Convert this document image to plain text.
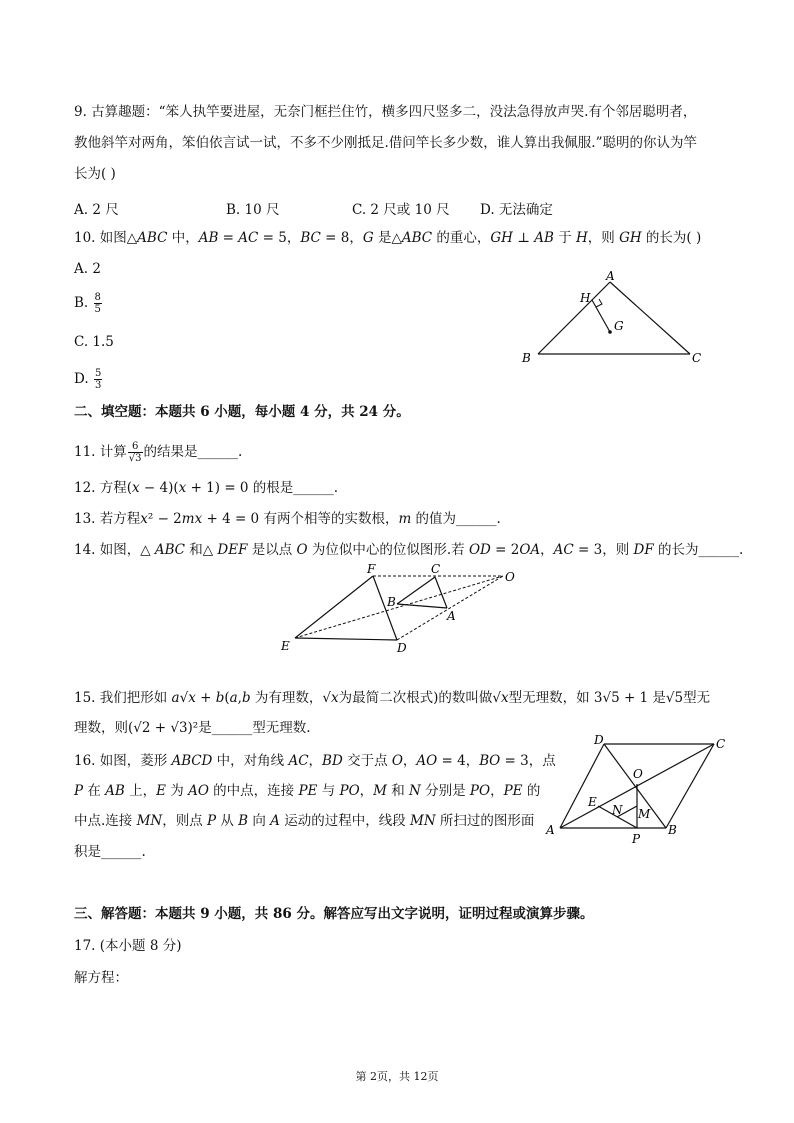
9. 古算趣题：“笨人执竿要进屋，无奈门框拦住竹，横多四尺竖多二，没法急得放声哭.有个邻居聪明者，
教他斜竿对两角，笨伯依言试一试，不多不少刚抵足.借问竿长多少数，谁人算出我佩服.”聪明的你认为竿
长为( )
A. 2 尺	B. 10 尺	C. 2 尺或 10 尺 D. 无法确定
10. 如图△ABC 中，AB = AC = 5，BC = 8，G 是△ABC 的重心，GH ⊥ AB 于 H，则 GH 的长为( )
A. 2
B. $\frac{8}{5}$
C. 1.5
D. $\frac{5}{3}$
A
H
G
B	C
二、填空题：本题共 6 小题，每小题 4 分，共 24 分。
11. 计算 $\frac{6}{√3}$ 的结果是______.
12. 方程(𝑥 − 4)(𝑥 + 1) = 0 的根是______.
13. 若方程𝑥² − 2𝑚𝑥 + 4 = 0 有两个相等的实数根，𝑚 的值为______.
14. 如图，△ 𝐴𝐵𝐶 和△ 𝐷𝐸𝐹 是以点 𝑂 为位似中心的位似图形.若 𝑂𝐷 = 2𝑂𝐴，𝐴𝐶 = 3，则 𝐷𝐹 的长为______.
F	C
O
B
A
E	D
15. 我们把形如 𝑎√𝑥 + 𝑏(𝑎,𝑏 为有理数，√𝑥为最简二次根式)的数叫做√𝑥型无理数，如 3√5 + 1 是√5型无
理数，则(√2 + √3)²是______型无理数.
16. 如图，菱形 𝐴𝐵𝐶𝐷 中，对角线 𝐴𝐶，𝐵𝐷 交于点 𝑂，𝐴𝑂 = 4，𝐵𝑂 = 3，点
𝑃 在 𝐴𝐵 上，𝐸 为 𝐴𝑂 的中点，连接 𝑃𝐸 与 𝑃𝑂，𝑀 和 𝑁 分别是 𝑃𝑂，𝑃𝐸 的
中点.连接 𝑀𝑁，则点 𝑃 从 𝐵 向 𝐴 运动的过程中，线段 𝑀𝑁 所扫过的图形面
积是______.
D	C
O
E
N M
A	B
P
三、解答题：本题共 9 小题，共 86 分。解答应写出文字说明，证明过程或演算步骤。
17. (本小题 8 分)
解方程：
第 2页，共 12页
